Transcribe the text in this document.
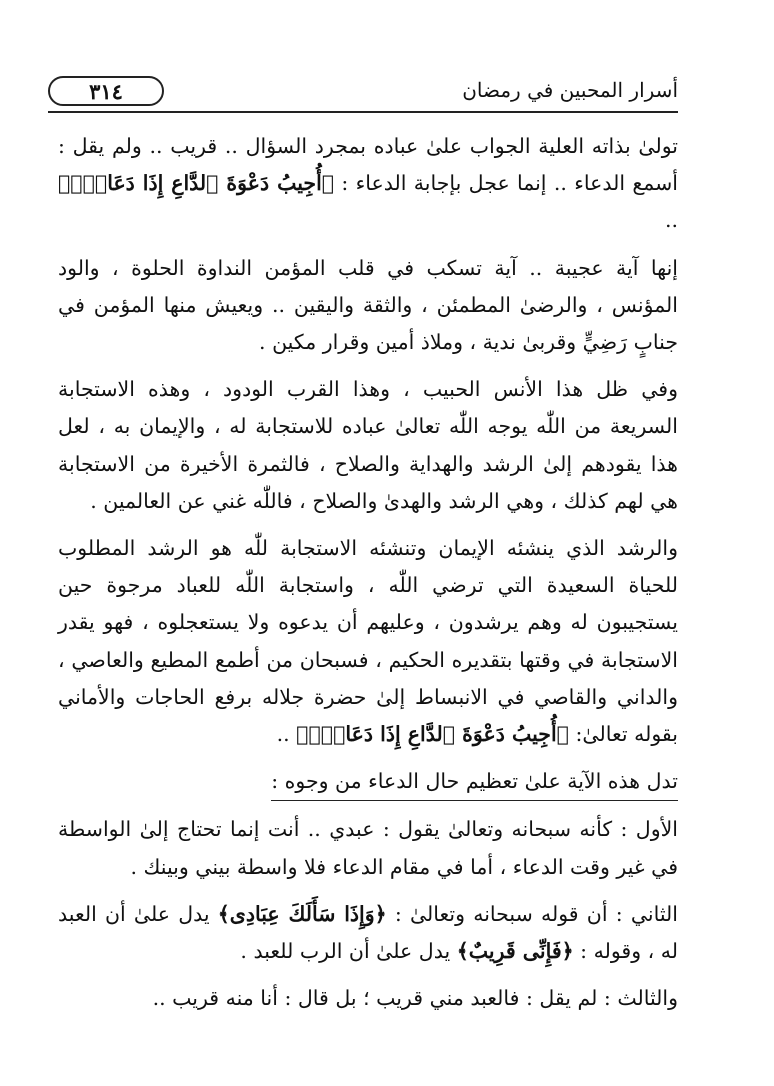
٣١٤	أسرار المحبين في رمضان

تولىٰ بذاته العلية الجواب علىٰ عباده بمجرد السؤال .. قريب .. ولم يقل : أسمع الدعاء .. إنما عجل بإجابة الدعاء : ﴿أُجِيبُ دَعْوَةَ ٱلدَّاعِ إِذَا دَعَانِۖ﴾ ..

إنها آية عجيبة .. آية تسكب في قلب المؤمن النداوة الحلوة ، والود المؤنس ، والرضىٰ المطمئن ، والثقة واليقين .. ويعيش منها المؤمن في جنابٍ رَضِيٍّ وقربىٰ ندية ، وملاذ أمين وقرار مكين .

وفي ظل هذا الأنس الحبيب ، وهذا القرب الودود ، وهذه الاستجابة السريعة من اللّٰه يوجه اللّٰه تعالىٰ عباده للاستجابة له ، والإيمان به ، لعل هذا يقودهم إلىٰ الرشد والهداية والصلاح ، فالثمرة الأخيرة من الاستجابة هي لهم كذلك ، وهي الرشد والهدىٰ والصلاح ، فاللّٰه غني عن العالمين .

والرشد الذي ينشئه الإيمان وتنشئه الاستجابة للّٰه هو الرشد المطلوب للحياة السعيدة التي ترضي اللّٰه ، واستجابة اللّٰه للعباد مرجوة حين يستجيبون له وهم يرشدون ، وعليهم أن يدعوه ولا يستعجلوه ، فهو يقدر الاستجابة في وقتها بتقديره الحكيم ، فسبحان من أطمع المطيع والعاصي ، والداني والقاصي في الانبساط إلىٰ حضرة جلاله برفع الحاجات والأماني بقوله تعالىٰ: ﴿أُجِيبُ دَعْوَةَ ٱلدَّاعِ إِذَا دَعَانِۖ﴾ ..

تدل هذه الآية علىٰ تعظيم حال الدعاء من وجوه :

الأول : كأنه سبحانه وتعالىٰ يقول : عبدي .. أنت إنما تحتاج إلىٰ الواسطة في غير وقت الدعاء ، أما في مقام الدعاء فلا واسطة بيني وبينك .

الثاني : أن قوله سبحانه وتعالىٰ : ﴿وَإِذَا سَأَلَكَ عِبَادِى﴾ يدل علىٰ أن العبد له ، وقوله : ﴿فَإِنِّى قَرِيبٌ﴾ يدل علىٰ أن الرب للعبد .

والثالث : لم يقل : فالعبد مني قريب ؛ بل قال : أنا منه قريب ..
